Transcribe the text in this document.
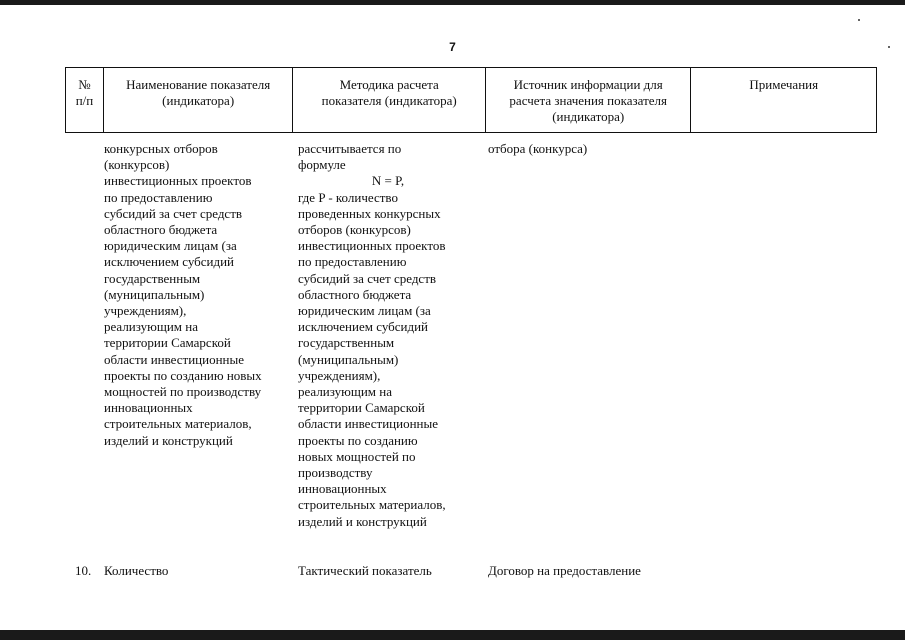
7
№
п/п
Наименование показателя
(индикатора)
Методика расчета
показателя (индикатора)
Источник информации для
расчета значения показателя
(индикатора)
Примечания
конкурсных отборов
(конкурсов)
инвестиционных проектов
по предоставлению
субсидий за счет средств
областного бюджета
юридическим лицам (за
исключением субсидий
государственным
(муниципальным)
учреждениям),
реализующим на
территории Самарской
области инвестиционные
проекты по созданию новых
мощностей по производству
инновационных
строительных материалов,
изделий и конструкций
рассчитывается по
формуле
N = P,
где P - количество
проведенных конкурсных
отборов (конкурсов)
инвестиционных проектов
по предоставлению
субсидий за счет средств
областного бюджета
юридическим лицам (за
исключением субсидий
государственным
(муниципальным)
учреждениям),
реализующим на
территории Самарской
области инвестиционные
проекты по созданию
новых мощностей по
производству
инновационных
строительных материалов,
изделий и конструкций
отбора (конкурса)
10. Количество	Тактический показатель	Договор на предоставление
